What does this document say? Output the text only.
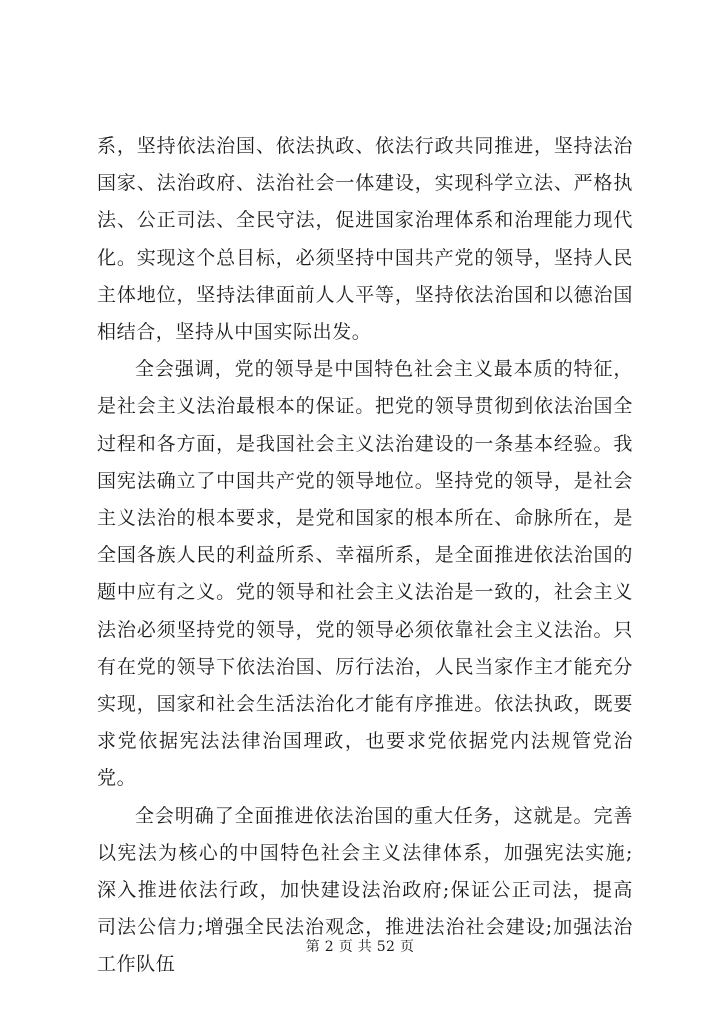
系，坚持依法治国、依法执政、依法行政共同推进，坚持法治国家、法治政府、法治社会一体建设，实现科学立法、严格执法、公正司法、全民守法，促进国家治理体系和治理能力现代化。实现这个总目标，必须坚持中国共产党的领导，坚持人民主体地位，坚持法律面前人人平等，坚持依法治国和以德治国相结合，坚持从中国实际出发。

全会强调，党的领导是中国特色社会主义最本质的特征，是社会主义法治最根本的保证。把党的领导贯彻到依法治国全过程和各方面，是我国社会主义法治建设的一条基本经验。我国宪法确立了中国共产党的领导地位。坚持党的领导，是社会主义法治的根本要求，是党和国家的根本所在、命脉所在，是全国各族人民的利益所系、幸福所系，是全面推进依法治国的题中应有之义。党的领导和社会主义法治是一致的，社会主义法治必须坚持党的领导，党的领导必须依靠社会主义法治。只有在党的领导下依法治国、厉行法治，人民当家作主才能充分实现，国家和社会生活法治化才能有序推进。依法执政，既要求党依据宪法法律治国理政，也要求党依据党内法规管党治党。

全会明确了全面推进依法治国的重大任务，这就是。完善以宪法为核心的中国特色社会主义法律体系，加强宪法实施;深入推进依法行政，加快建设法治政府;保证公正司法，提高司法公信力;增强全民法治观念，推进法治社会建设;加强法治工作队伍

第 2 页 共 52 页
